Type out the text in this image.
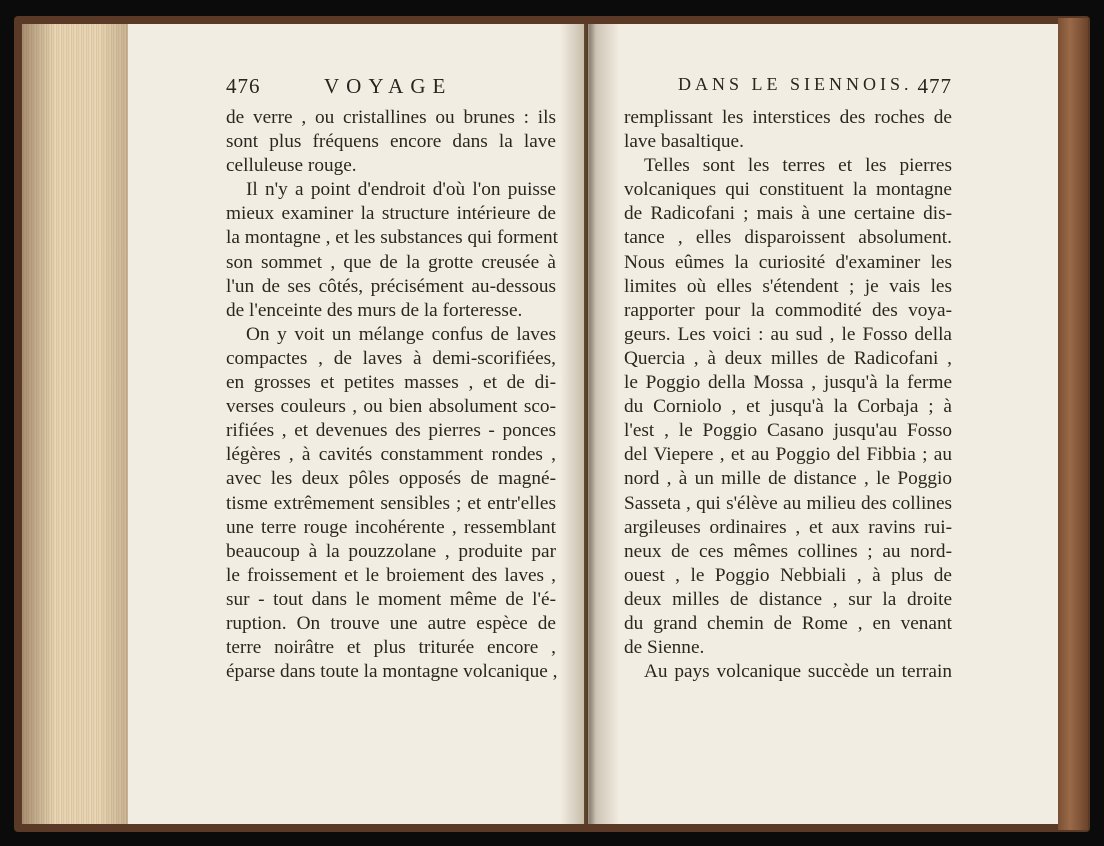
476	VOYAGE	DANS LE SIENNOIS. 477
de verre , ou cristallines ou brunes : ils
sont plus fréquens encore dans la lave
celluleuse rouge.
Il n'y a point d'endroit d'où l'on puisse
mieux examiner la structure intérieure de
la montagne , et les substances qui forment
son sommet , que de la grotte creusée à
l'un de ses côtés, précisément au-dessous
de l'enceinte des murs de la forteresse.
On y voit un mélange confus de laves
compactes , de laves à demi-scorifiées,
en grosses et petites masses , et de di-
verses couleurs , ou bien absolument sco-
rifiées , et devenues des pierres - ponces
légères , à cavités constamment rondes ,
avec les deux pôles opposés de magné-
tisme extrêmement sensibles ; et entr'elles
une terre rouge incohérente , ressemblant
beaucoup à la pouzzolane , produite par
le froissement et le broiement des laves ,
sur - tout dans le moment même de l'é-
ruption. On trouve une autre espèce de
terre noirâtre et plus triturée encore ,
éparse dans toute la montagne volcanique ,
remplissant les interstices des roches de
lave basaltique.
Telles sont les terres et les pierres
volcaniques qui constituent la montagne
de Radicofani ; mais à une certaine dis-
tance , elles disparoissent absolument.
Nous eûmes la curiosité d'examiner les
limites où elles s'étendent ; je vais les
rapporter pour la commodité des voya-
geurs. Les voici : au sud , le Fosso della
Quercia , à deux milles de Radicofani ,
le Poggio della Mossa , jusqu'à la ferme
du Corniolo , et jusqu'à la Corbaja ; à
l'est , le Poggio Casano jusqu'au Fosso
del Viepere , et au Poggio del Fibbia ; au
nord , à un mille de distance , le Poggio
Sasseta , qui s'élève au milieu des collines
argileuses ordinaires , et aux ravins rui-
neux de ces mêmes collines ; au nord-
ouest , le Poggio Nebbiali , à plus de
deux milles de distance , sur la droite
du grand chemin de Rome , en venant
de Sienne.
Au pays volcanique succède un terrain
